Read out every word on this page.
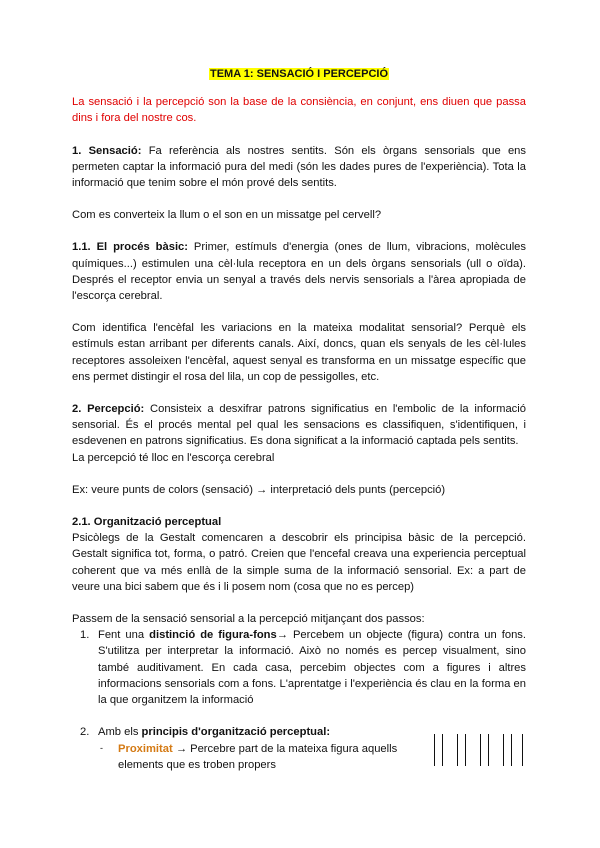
TEMA 1: SENSACIÓ I PERCEPCIÓ

La sensació i la percepció son la base de la consiència, en conjunt, ens diuen que passa dins i fora del nostre cos.

1. Sensació: Fa referència als nostres sentits. Són els òrgans sensorials que ens permeten captar la informació pura del medi (són les dades pures de l'experiència). Tota la informació que tenim sobre el món prové dels sentits.

Com es converteix la llum o el son en un missatge pel cervell?

1.1. El procés bàsic: Primer, estímuls d'energia (ones de llum, vibracions, molècules químiques...) estimulen una cèl·lula receptora en un dels òrgans sensorials (ull o oïda). Després el receptor envia un senyal a través dels nervis sensorials a l'àrea apropiada de l'escorça cerebral.

Com identifica l'encèfal les variacions en la mateixa modalitat sensorial? Perquè els estímuls estan arribant per diferents canals. Així, doncs, quan els senyals de les cèl·lules receptores assoleixen l'encèfal, aquest senyal es transforma en un missatge específic que ens permet distingir el rosa del lila, un cop de pessigolles, etc.

2. Percepció: Consisteix a desxifrar patrons significatius en l'embolic de la informació sensorial. És el procés mental pel qual les sensacions es classifiquen, s'identifiquen, i esdevenen en patrons significatius. Es dona significat a la informació captada pels sentits.

La percepció té lloc en l'escorça cerebral

Ex: veure punts de colors (sensació) → interpretació dels punts (percepció)

2.1. Organització perceptual

Psicòlegs de la Gestalt comencaren a descobrir els principisa bàsic de la percepció. Gestalt significa tot, forma, o patró. Creien que l'encefal creava una experiencia perceptual coherent que va més enllà de la simple suma de la informació sensorial. Ex: a part de veure una bici sabem que és i li posem nom (cosa que no es percep)

Passem de la sensació sensorial a la percepció mitjançant dos passos:

1. Fent una distinció de figura-fons→ Percebem un objecte (figura) contra un fons. S'utilitza per interpretar la informació. Això no només es percep visualment, sino també auditivament. En cada casa, percebim objectes com a figures i altres informacions sensorials com a fons. L'aprentatge i l'experiència és clau en la forma en la que organitzem la informació
2. Amb els principis d'organització perceptual:
- Proximitat → Percebre part de la mateixa figura aquells elements que es troben propers
